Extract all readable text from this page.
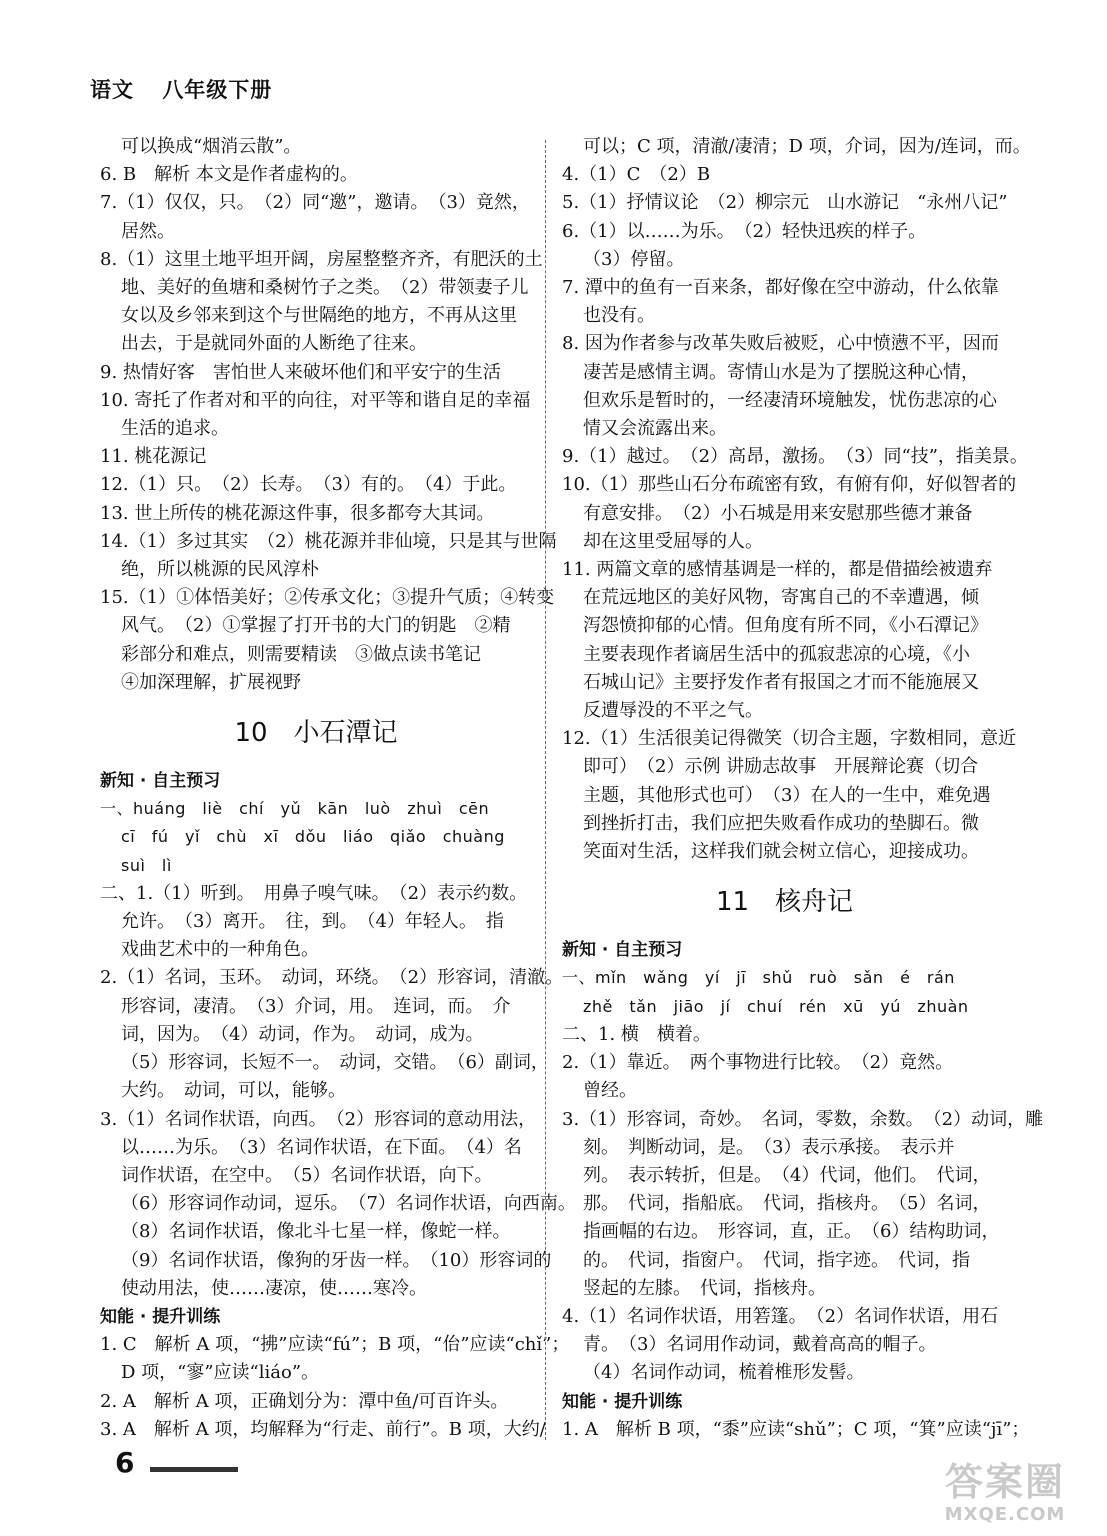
语文 八年级下册
可以换成“烟消云散”。
6. B　解析 本文是作者虚构的。
7.（1）仅仅，只。　（2）同“邀”，邀请。　（3）竟然，
居然。
8.（1）这里土地平坦开阔，房屋整整齐齐，有肥沃的土
地、美好的鱼塘和桑树竹子之类。　（2）带领妻子儿
女以及乡邻来到这个与世隔绝的地方，不再从这里
出去，于是就同外面的人断绝了往来。
9. 热情好客　害怕世人来破坏他们和平安宁的生活
10. 寄托了作者对和平的向往，对平等和谐自足的幸福
生活的追求。
11. 桃花源记
12.（1）只。　（2）长寿。　（3）有的。　（4）于此。
13. 世上所传的桃花源这件事，很多都夸大其词。
14.（1）多过其实　（2）桃花源并非仙境，只是其与世隔
绝，所以桃源的民风淳朴
15.（1）①体悟美好；②传承文化；③提升气质；④转变
风气。　（2）①掌握了打开书的大门的钥匙　②精
彩部分和难点，则需要精读　③做点读书笔记
④加深理解，扩展视野
10　小石潭记
新知 · 自主预习
一、huáng　liè　chí　yǔ　kān　luò　zhuì　cēn
cī　fú　yǐ　chù　xī　dǒu　liáo　qiǎo　chuàng
suì　lì
二、1.（1）听到。　用鼻子嗅气味。　（2）表示约数。
允许。　（3）离开。　往，到。　（4）年轻人。　指
戏曲艺术中的一种角色。
2.（1）名词，玉环。　动词，环绕。　（2）形容词，清澈。
形容词，凄清。　（3）介词，用。　连词，而。　介
词，因为。　（4）动词，作为。　动词，成为。
（5）形容词，长短不一。　动词，交错。　（6）副词，
大约。　动词，可以，能够。
3.（1）名词作状语，向西。　（2）形容词的意动用法，
以……为乐。　（3）名词作状语，在下面。　（4）名
词作状语，在空中。　（5）名词作状语，向下。
（6）形容词作动词，逗乐。　（7）名词作状语，向西南。
（8）名词作状语，像北斗七星一样，像蛇一样。
（9）名词作状语，像狗的牙齿一样。　（10）形容词的
使动用法，使……凄凉，使……寒冷。
知能 · 提升训练
1. C　解析 A 项，“拂”应读“fú”；B 项，“佁”应读“chǐ”；
D 项，“寥”应读“liáo”。
2. A　解析 A 项，正确划分为：潭中鱼/可百许头。
3. A　解析 A 项，均解释为“行走、前行”。B 项，大约/
可以；C 项，清澈/凄清；D 项，介词，因为/连词，而。
4.（1）C　（2）B
5.（1）抒情议论　（2）柳宗元　山水游记　“永州八记”
6.（1）以……为乐。　（2）轻快迅疾的样子。
（3）停留。
7. 潭中的鱼有一百来条，都好像在空中游动，什么依靠
也没有。
8. 因为作者参与改革失败后被贬，心中愤懑不平，因而
凄苦是感情主调。寄情山水是为了摆脱这种心情，
但欢乐是暂时的，一经凄清环境触发，忧伤悲凉的心
情又会流露出来。
9.（1）越过。　（2）高昂，激扬。　（3）同“技”，指美景。
10.（1）那些山石分布疏密有致，有俯有仰，好似智者的
有意安排。　（2）小石城是用来安慰那些德才兼备
却在这里受屈辱的人。
11. 两篇文章的感情基调是一样的，都是借描绘被遗弃
在荒远地区的美好风物，寄寓自己的不幸遭遇，倾
泻怨愤抑郁的心情。但角度有所不同，《小石潭记》
主要表现作者谪居生活中的孤寂悲凉的心境，《小
石城山记》主要抒发作者有报国之才而不能施展又
反遭辱没的不平之气。
12.（1）生活很美记得微笑（切合主题，字数相同，意近
即可）　（2）示例 讲励志故事　开展辩论赛（切合
主题，其他形式也可）　（3）在人的一生中，难免遇
到挫折打击，我们应把失败看作成功的垫脚石。微
笑面对生活，这样我们就会树立信心，迎接成功。
11　核舟记
新知 · 自主预习
一、mǐn　wǎng　yí　jī　shǔ　ruò　sǎn　é　rán
zhě　tǎn　jiāo　jí　chuí　rén　xū　yú　zhuàn
二、1. 横　横着。
2.（1）靠近。　两个事物进行比较。　（2）竟然。
曾经。
3.（1）形容词，奇妙。　名词，零数，余数。　（2）动词，雕
刻。　判断动词，是。　（3）表示承接。　表示并
列。　表示转折，但是。　（4）代词，他们。　代词，
那。　代词，指船底。　代词，指核舟。　（5）名词，
指画幅的右边。　形容词，直，正。　（6）结构助词，
的。　代词，指窗户。　代词，指字迹。　代词，指
竖起的左膝。　代词，指核舟。
4.（1）名词作状语，用箬篷。　（2）名词作状语，用石
青。　（3）名词用作动词，戴着高高的帽子。
（4）名词作动词，梳着椎形发髻。
知能 · 提升训练
1. A　解析 B 项，“黍”应读“shǔ”；C 项，“箕”应读“jī”；
6	答案圈
MXQE.COM
